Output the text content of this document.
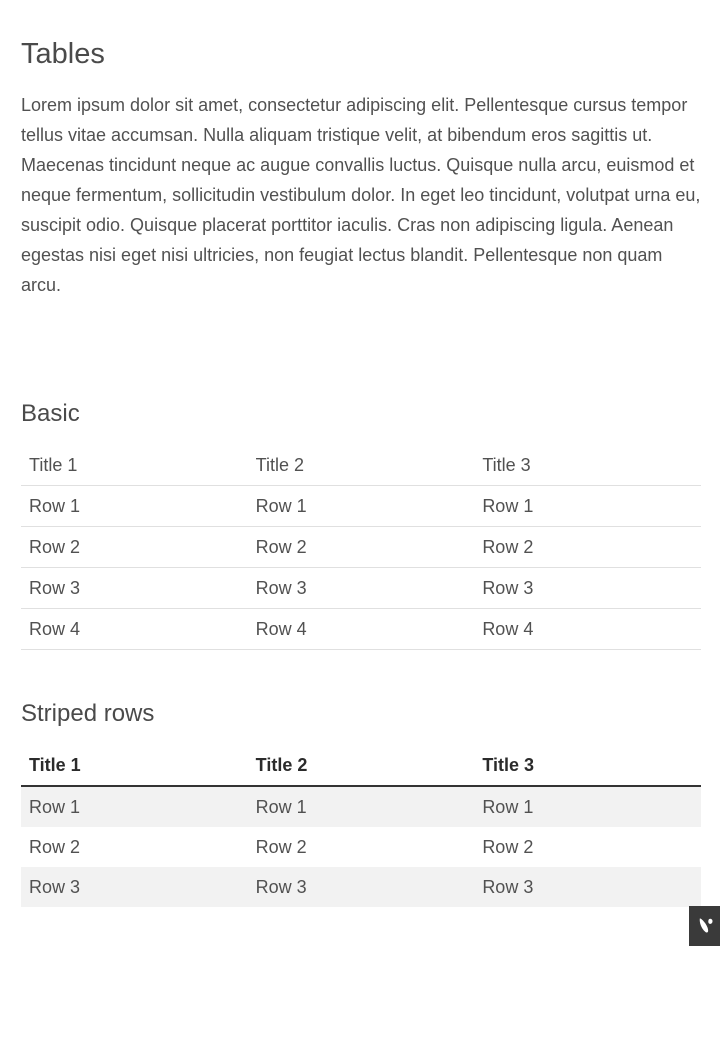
Tables

Lorem ipsum dolor sit amet, consectetur adipiscing elit. Pellentesque cursus tempor tellus vitae accumsan. Nulla aliquam tristique velit, at bibendum eros sagittis ut. Maecenas tincidunt neque ac augue convallis luctus. Quisque nulla arcu, euismod et neque fermentum, sollicitudin vestibulum dolor. In eget leo tincidunt, volutpat urna eu, suscipit odio. Quisque placerat porttitor iaculis. Cras non adipiscing ligula. Aenean egestas nisi eget nisi ultricies, non feugiat lectus blandit. Pellentesque non quam arcu.

Basic
Title 1	Title 2	Title 3
Row 1	Row 1	Row 1
Row 2	Row 2	Row 2
Row 3	Row 3	Row 3
Row 4	Row 4	Row 4
Striped rows
Title 1	Title 2	Title 3
Row 1	Row 1	Row 1
Row 2	Row 2	Row 2
Row 3	Row 3	Row 3
